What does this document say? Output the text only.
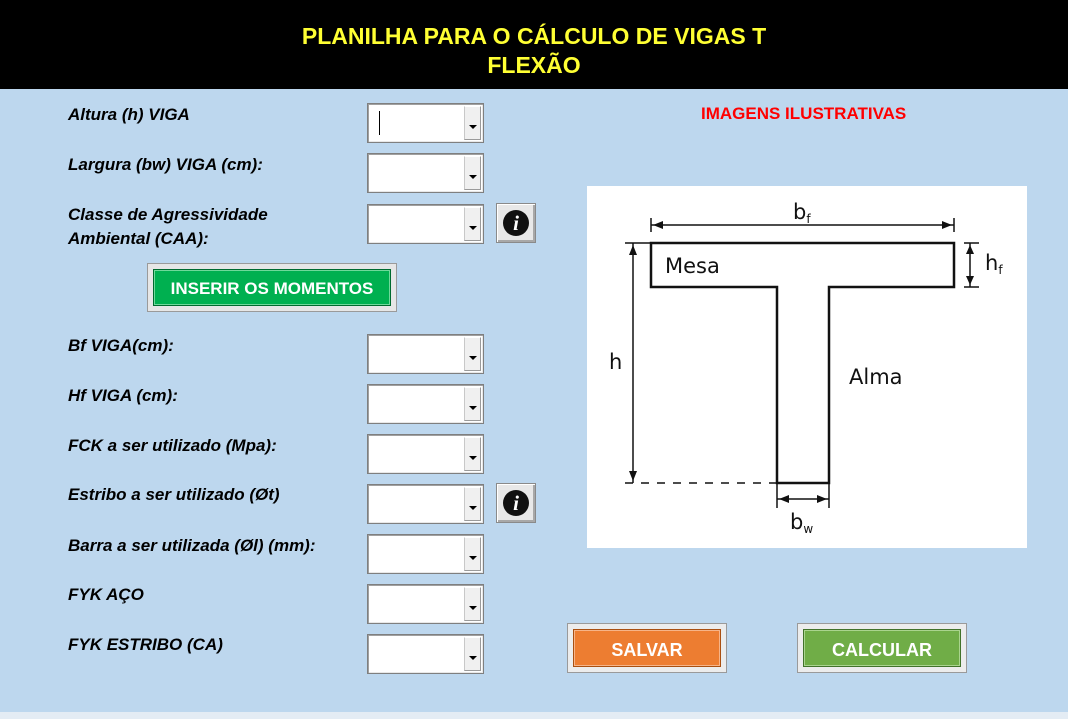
PLANILHA PARA O CÁLCULO DE VIGAS T
FLEXÃO
Altura (h) VIGA
Largura (bw) VIGA (cm):
Classe de Agressividade
Ambiental (CAA):
Bf VIGA(cm):
Hf VIGA (cm):
FCK a ser utilizado (Mpa):
Estribo a ser utilizado (Øt)
Barra a ser utilizada (Øl) (mm):
FYK AÇO
FYK ESTRIBO (CA)
i
i
INSERIR OS MOMENTOS
SALVAR	CALCULAR
IMAGENS ILUSTRATIVAS
bf
hf
h
Mesa
Alma
bw
